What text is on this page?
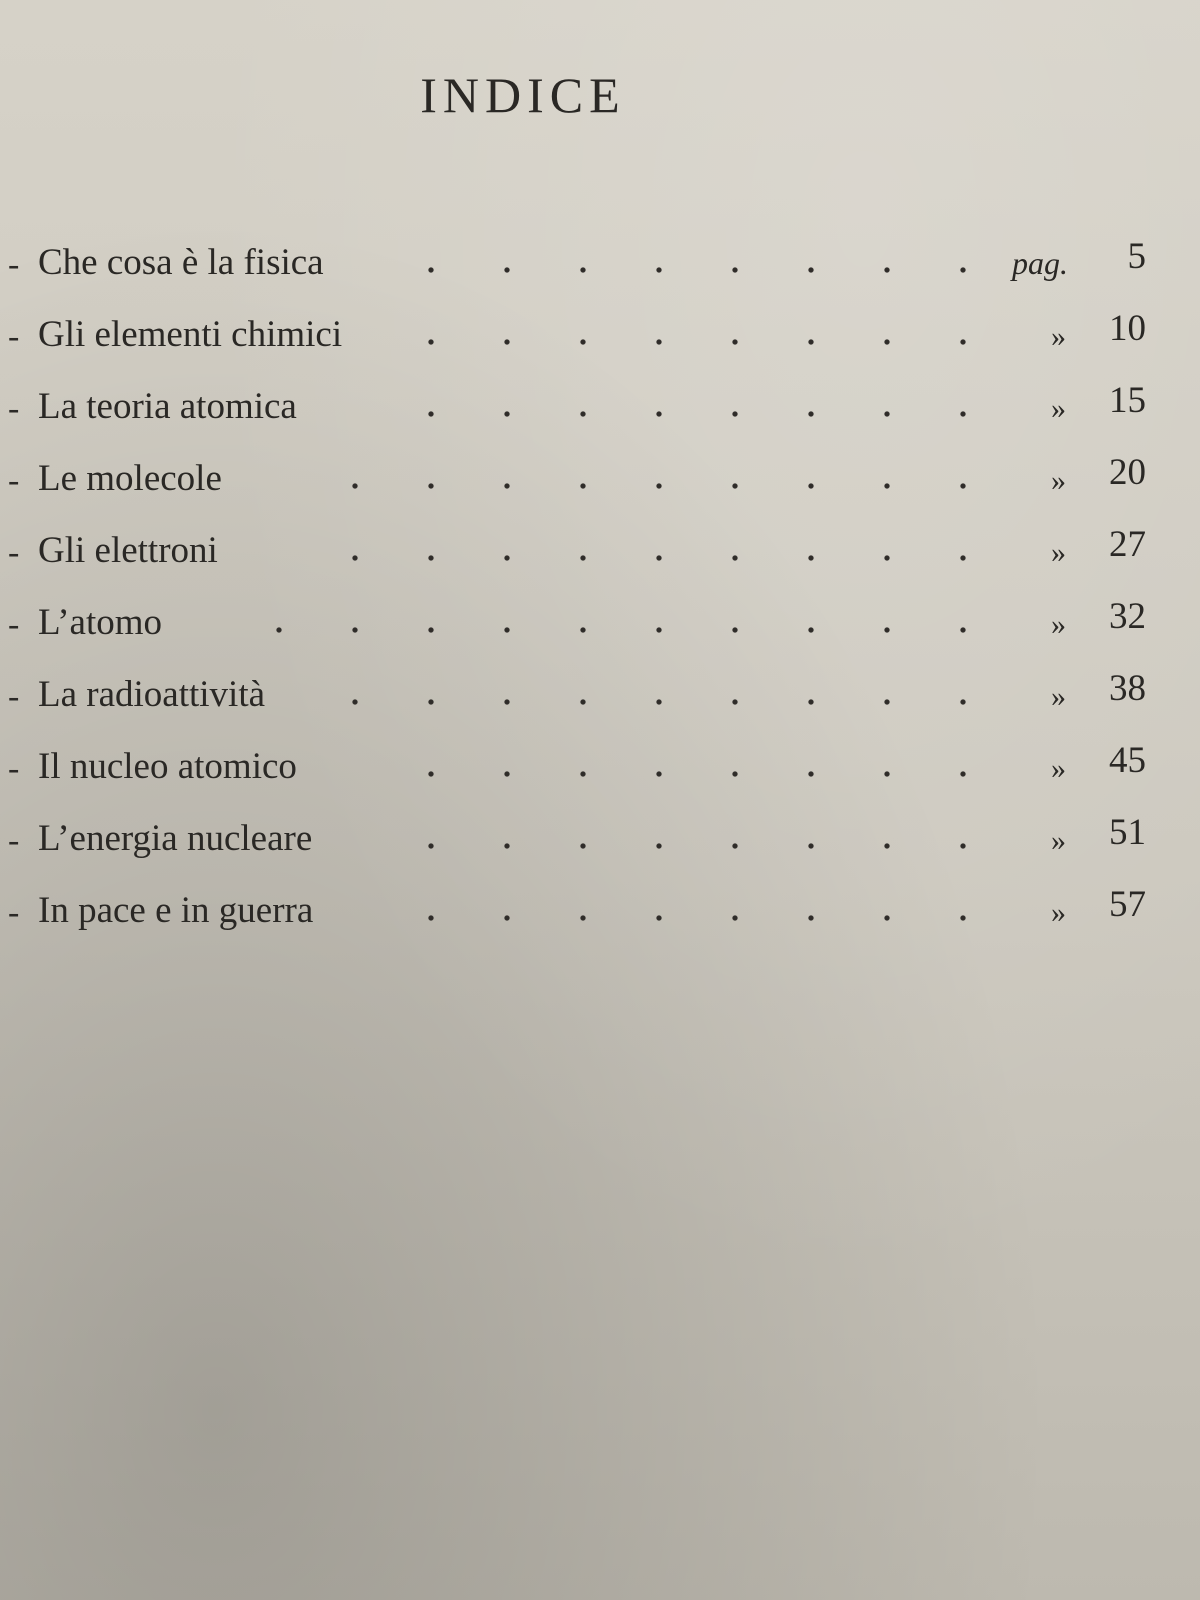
INDICE
- Che cosa è la fisica	pag.	5
- Gli elementi chimici	»	10
- La teoria atomica	»	15
- Le molecole	»	20
- Gli elettroni	»	27
- L’atomo	»	32
- La radioattività	»	38
- Il nucleo atomico	»	45
- L’energia nucleare	»	51
- In pace e in guerra	»	57
